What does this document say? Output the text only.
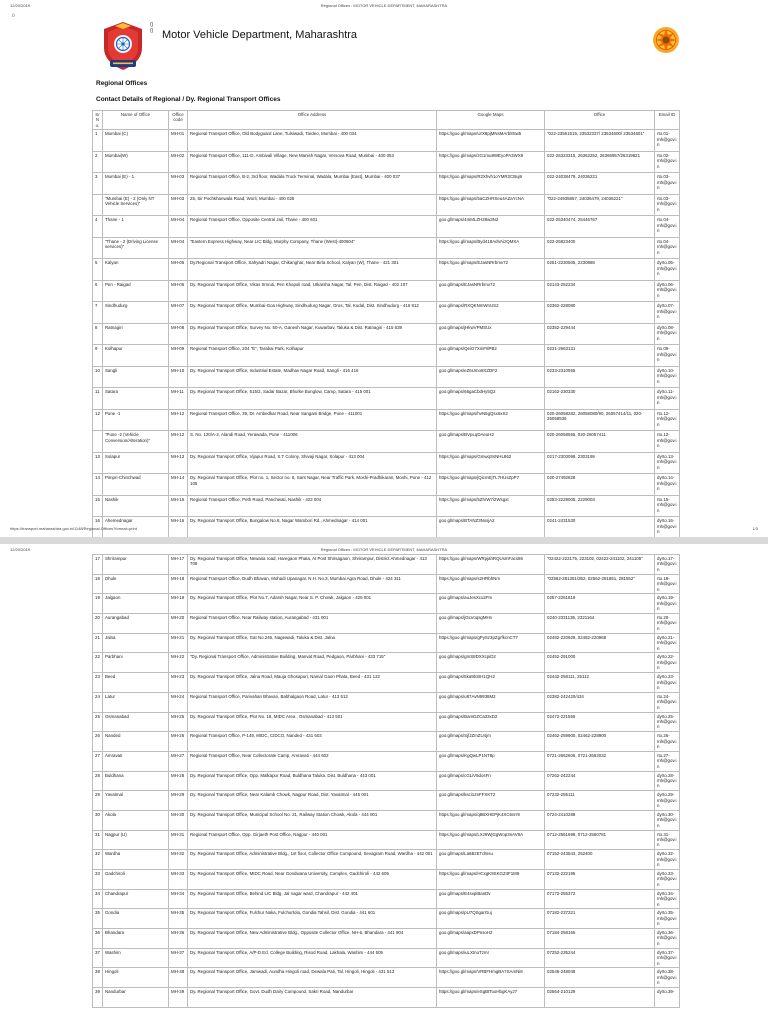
12/20/2019	Regional Offices : MOTOR VEHICLE DEPARTMENT, MAHARASHTRA
()
()
() Motor Vehicle Department, Maharashtra
Regional Offices
Contact Details of Regional / Dy. Regional Transport Offices
Sr No.	Name of Office	Office code	Office Address	Google Maps	Office	Email ID
1	Mumbai (C)	MH-01	Regional Transport Office, Old Bodyguard Lane, Tulsiwadi, Tardeo, Mumbai - 400 034	https://goo.gl/maps/UrX8pjMNsMArb8Sw5	"022-23551515, 23532337/ 23534600/ 23534601"	rto.01-mh@gov.in
2	Mumbai(W)	MH-02	Regional Transport Office, 111-D, Ambivali Village, New Manish Nagar, Versova Road, Mumbai - 400 053	https://goo.gl/maps/zG1mu8WEyoPA3WX8	022-26323315, 26362252, 26366957/26319821	rto.02-mh@gov.in
3	Mumbai (E) - 1	MH-03	Regional Transport Office, B-2, 3rd floor, Wadala Truck Terminal, Wadala, Mumbai (East), Mumbai - 400 037	https://goo.gl/maps/R2Xhvh1oYMR2CBuj9	022-24038479, 24036221	rto.03-mh@gov.in
	"Mumbai (E) - 2 (Only NT Vehicle Services)"	MH-03	25, Sir Pochkhanwala Road, Worli, Mumbai - 400 025	https://goo.gl/maps/5aCZHRSeu4AZaYcNA	"022-24935857, 24036479, 24036221"	rto.03-mh@gov.in
4	Thane - 1	MH-04	Regional Transport Office, Opposite Central Jail, Thane - 400 601	goo.gl/maps/4mMLZH28w3N2	022-25340474, 25446767	rto.04-mh@gov.in
	"Thane - 2 (Driving License services)"	MH-04	"Eastern Express Highway, Near LIC Bldg, Murphy Company, Thane (West)-400604"	https://goo.gl/maps/Byd418AdVAizQMXA	022-25823400	rto.04-mh@gov.in
5	Kalyan	MH-05	Dy.Regional Transport Office, Sahyadri Nagar, Chikanghar, Near Birla School, Kalyan (W), Thane - 421 301	https://goo.gl/maps/EJasNRrbmv72	0251-2230505, 2230888	dyrto.05-mh@gov.in
6	Pen - Raigad	MH-06	Dy. Regional Transport Office, Vikas Smruti, Pen Khopoli road, Utkarsha Nagar, Tal. Pen, Dist. Raigad - 402 107	goo.gl/maps/EJasNRrbmv72	02143-252234	dyrto.06-mh@gov.in
7	Sindhudurg	MH-07	Dy. Regional Transport Office, Mumbai-Goa Highway, Sindhudurg Nagar, Oros, Tal. Kudal, Dist. Sindhudurg - 416 812	goo.gl/maps/RXQKNmWnUS2	02362-228080	dyrto.07-mh@gov.in
8	Ratnagiri	MH-08	Dy. Regional Transport Office, Survey No. 50-A, Ganesh Nagar, Kuwarbav, Taluka & Dist. Ratnagiri - 415 639	goo.gl/maps/jHkwVPMSUx	02352-229444	dyrto.08-mh@gov.in
9	Kolhapur	MH-09	Regional Transport Office, 204 "E", Tarabai Park, Kolhapur	goo.gl/maps/QeiG7XmF8PB2	0231-2663131	rto.09-mh@gov.in
10	Sangli	MH-10	Dy. Regional Transport Office, Industrial Estate, Madhav Nagar Road, Sangli - 416 416	goo.gl/maps/eZ6Umo8XZDF2	0233-2310555	dyrto.10-mh@gov.in
11	Satara	MH-11	Dy. Regional Transport Office, 515/2, Sadar Bazar, Bhurke Bunglow, Camp, Satara - 415 001	goo.gl/maps/66gaCbdHy5Q2	02162-230330	dyrto.11-mh@gov.in
12	Pune -1	MH-12	Regional Transport Office, 39, Dr. Ambedkar Road, Near Sangam Bridge, Pune - 411001	https://goo.gl/maps/hvN5gQsx6xS2	020-26058282, 26058080/90, 26057414/11, 020-26058536	rto.12-mh@gov.in
	"Pune -2 (Vehicle Conversion/Alteration)"	MH-12	S. No. 120/A-2, Alandi Road, Yerawada, Pune - 411006	goo.gl/maps/BVpLqDAeuH2	020-26058555, 020-26057411	rto.12-mh@gov.in
13	Solapur	MH-13	Dy. Regional Transport Office, Vijapur Road, S.T Colony, Shivaji Nagar, Solapur - 413 004	https://goo.gl/maps/GmwqSsNHL862	0217-2303099, 2303199	dyrto.13-mh@gov.in
14	Pimpri-Chinchwad	MH-14	Dy. Regional Transport Office, Plot no. 1, Sector no. 6, Sant Nagar, Near Traffic Park, Moshi-Pradhikaran, Moshi, Pune - 412 105	https://goo.gl/maps/jQicmEjTL7HUsZpP7	020-27492828	dyrto.14-mh@gov.in
15	Nashik	MH-15	Regional Transport Office, Peth Road, Panchwati, Nashik - 422 004	https://goo.gl/maps/5ZhrW7i2Wsgxt	0253-2229005, 2229003	rto.15-mh@gov.in
16	Ahemednagar	MH-16	Dy. Regional Transport Office, Bungalow No.8, Nagar Wambori Rd., Ahmednagar - 414 001	goo.gl/maps/BTANZ3NxsjA2	0241-2431530	dyrto.16-mh@gov.in
https://transport.maharashtra.gov.in/1148/Regional-Offices?format=print	1/3
12/20/2019	Regional Offices : MOTOR VEHICLE DEPARTMENT, MAHARASHTRA
17	Shrirampur	MH-17	Dy. Regional Transport Office, Newasa road, Haregaon Phata, At Post Shirsagaon, Shrirampur, District Ahmednagar - 413 709	https://goo.gl/maps/WRpjahRQUsmFacs86	"02422-222175, 223102, 02422-241102, 241105"	dyrto.17-mh@gov.in
18	Dhule	MH-18	Regional Transport Office, Dudh Bhavan, Mohadi Upanagar, N.H. No.3, Mumbai Agra Road, Dhule - 424 311	https://goo.gl/maps/s2HRbhNrs	"02562-281351/352, 02562-281851, 281552"	rto.18-mh@gov.in
19	Jalgaon	MH-19	Dy. Regional Transport Office, Plot No.7, Adarsh Nagar, Near S. P. Chowk, Jalgaon - 425 001	goo.gl/maps/auJesXcu2Fm	0257-2261819	dyrto.19-mh@gov.in
20	Aurangabad	MH-20	Regional Transport Office, Near Railway station, Aurangabad - 431 001	goo.gl/maps/jGLVoqsgMHn	0240-2331135, 2321164	rto.20-mh@gov.in
21	Jalna	MH-21	Dy. Regional Transport Office, Gat No.246, Nagewadi, Taluka & Dist. Jalna	https://goo.gl/maps/gPySz3pZgrfkcnCT7	02482-220929, 02482-220968	dyrto.21-mh@gov.in
22	Parbhani	MH-22	"Dy. Regional Transport Office, Administrative Building, Manvat Road, Pedgaon, Parbhani - 433 715"	goo.gl/maps/gmS8DXXcpiD2	02452-291000	dyrto.22-mh@gov.in
23	Beed	MH-23	Dy. Regional Transport Office, Jalna Road, Mauja Ghosapuri, Namal Gaon Phata, Beed - 431 122	goo.gl/maps/5ka9bStH1QH2	02442-258111, 25112	dyrto.23-mh@gov.in
24	Latur	MH-24	Regional Transport Office, Parivahan Bhavan, Babhalgaon Road, Latur - 413 512	goo.gl/maps/u87AvN9938M2	02382-242420/434	rto.24-mh@gov.in
25	Osmanabad	MH-25	Dy. Regional Transport Office, Plot No. 18, MIDC Area , Osmanabad - 413 501	goo.gl/maps/BamDZCa33xD2	02472-221555	dyrto.25-mh@gov.in
26	Nanded	MH-26	Regional Transport Office, P-149, MIDC, CIDCO, Nanded - 431 603	goo.gl/maps/SjfJZmZU4jm	02462-259900, 02462-228900	rto.26-mh@gov.in
27	Amravati	MH-27	Regional Transport Office, Near Collectorate Camp, Amravati - 444 602	goo.gl/maps/KgQwLP1NT8p	0721-2662606, 0721-2662032	rto.27-mh@gov.in
28	Buldhana	MH-28	Dy. Regional Transport Office, Opp. Malkapur Road, Buldhana Taluka. Dist. Buldhana - 443 001	goo.gl/maps/cGLiV5dosFn	07262-242244	dyrto.28-mh@gov.in
29	Yavatmal	MH-29	Dy. Regional Transport Office, Near Kalamb Chowk, Nagpur Road, Dist. Yavatmal - 445 001	goo.gl/maps/ksci12nFFXKT2	07232-255111	dyrto.29-mh@gov.in
30	Akola	MH-30	Dy. Regional Transport Office, Municipal School No. 21, Railway Station Chowk, Akola - 444 001	https://goo.gl/maps/q8BXHEPjK4XC6nrr9	0724-2410288	dyrto.30-mh@gov.in
31	Nagpur (U)	MH-31	Regional Transport Office, Opp. Girjaeth Post Office, Nagpur - 440 001	https://goo.gl/maps/LXz9WjGgWop3nAV9A	0712-2561698, 0712-2560781	rto.31-mh@gov.in
32	Wardha	MH-32	Dy. Regional Transport Office, Administrative Bldg., 1st floor, Collector Office Compound, Sevagram Road, Wardha - 442 001	goo.gl/maps/La6BzETdmsu	07152-243543, 252400	dyrto.32-mh@gov.in
33	Gadchiroli	MH-33	Dy. Regional Transport Office, MIDC Road, Near Gondwana University, Complex, Gadchiroli - 442 605	https://goo.gl/maps/HCxgK9SKGZ4F1M9	07132-222195	dyrto.33-mh@gov.in
34	Chandrapur	MH-34	Dy. Regional Transport Office, Behind LIC Bldg, Jal nagar ward, Chandrapur - 442 401	goo.gl/maps/E4sxpiBanDv	07172-255372	dyrto.34-mh@gov.in
35	Gondia	MH-35	Dy. Regional Transport Office, Fulchur Naka, Fulchurtola, Gondia Tahsil, Dist. Gondia - 441 601	goo.gl/maps/pU7QSgarGuj	07182-237321	dyrto.35-mh@gov.in
36	Bhandara	MH-36	Dy. Regional Transport Office, New Administrative Bldg., Opposite Collector Office, NH-6, Bhandara - 441 904	goo.gl/maps/aapxDPnsoH2	07184-258165	dyrto.36-mh@gov.in
37	Washim	MH-37	Dy. Regional Transport Office, A/P-D.Ed. College Building, Risod Road, Lakhala, Washim - 444 505	goo.gl/maps/iuLXtnuTzmr	07252-235244	dyrto.37-mh@gov.in
38	Hingoli	MH-38	Dy. Regional Transport Office, Jamwadi, Aundha Hingoli road, Dewala Pati, Tal. Hingoli, Hingoli - 431 513	https://goo.gl/maps/VRBFHmgBA7SAmNi8	02546-248048	dyrto.38-mh@gov.in
39	Nandurbar	MH-39	Dy. Regional Transport Office, Govt. Dudh Dairy Compound, Sakri Road, Nandurbar	https://goo.gl/maps/eSgBtTooHbgKAyJ7	02564-210129	dyrto.39-
